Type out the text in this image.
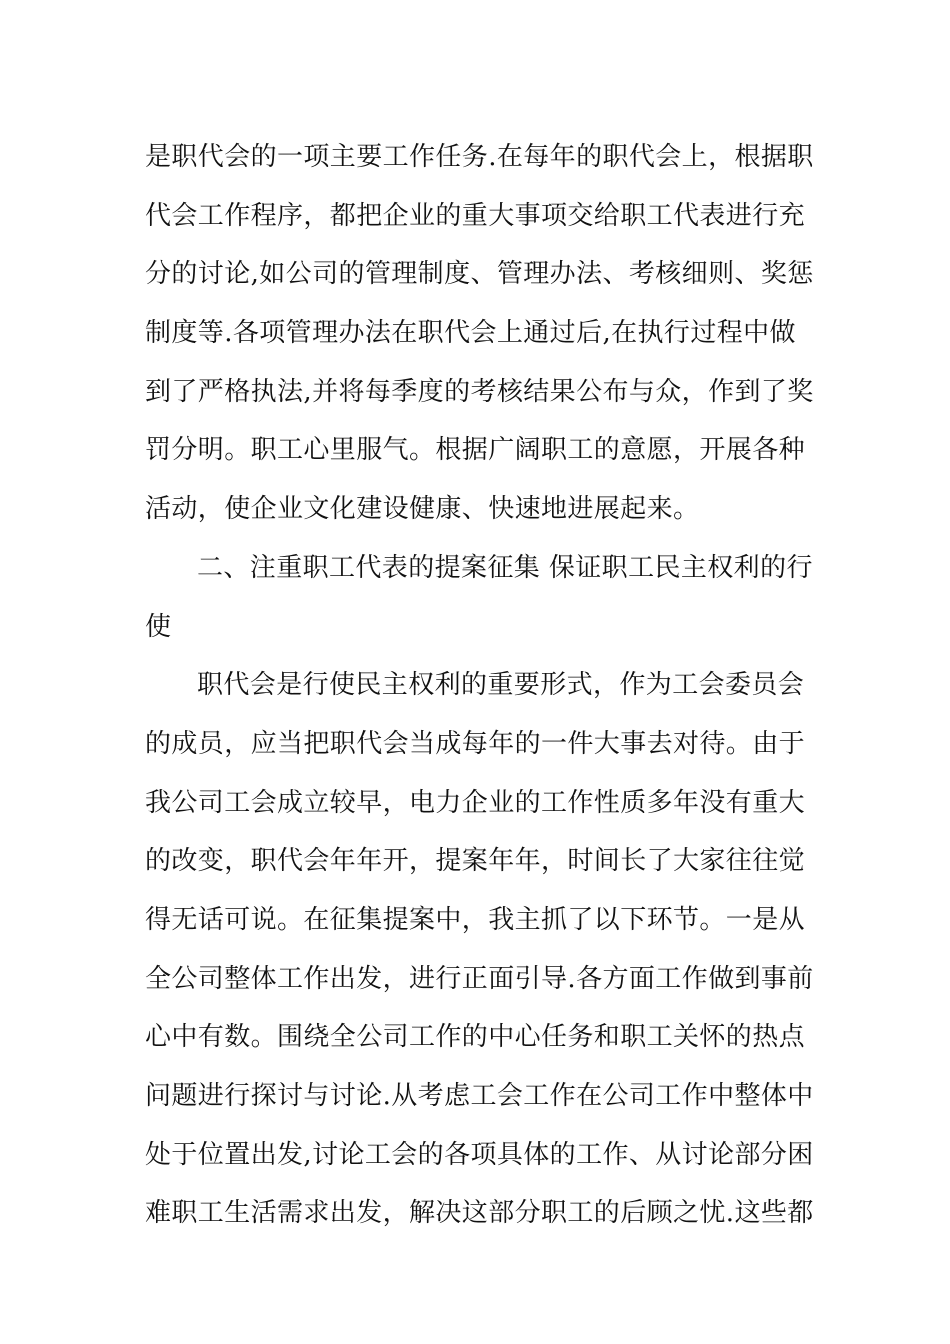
是职代会的一项主要工作任务.在每年的职代会上，根据职
代会工作程序，都把企业的重大事项交给职工代表进行充
分的讨论,如公司的管理制度、管理办法、考核细则、奖惩
制度等.各项管理办法在职代会上通过后,在执行过程中做
到了严格执法,并将每季度的考核结果公布与众，作到了奖
罚分明。职工心里服气。根据广阔职工的意愿，开展各种
活动，使企业文化建设健康、快速地进展起来。
二、注重职工代表的提案征集 保证职工民主权利的行
使
职代会是行使民主权利的重要形式，作为工会委员会
的成员，应当把职代会当成每年的一件大事去对待。由于
我公司工会成立较早，电力企业的工作性质多年没有重大
的改变，职代会年年开，提案年年，时间长了大家往往觉
得无话可说。在征集提案中，我主抓了以下环节。一是从
全公司整体工作出发，进行正面引导.各方面工作做到事前
心中有数。围绕全公司工作的中心任务和职工关怀的热点
问题进行探讨与讨论.从考虑工会工作在公司工作中整体中
处于位置出发,讨论工会的各项具体的工作、从讨论部分困
难职工生活需求出发，解决这部分职工的后顾之忧.这些都
